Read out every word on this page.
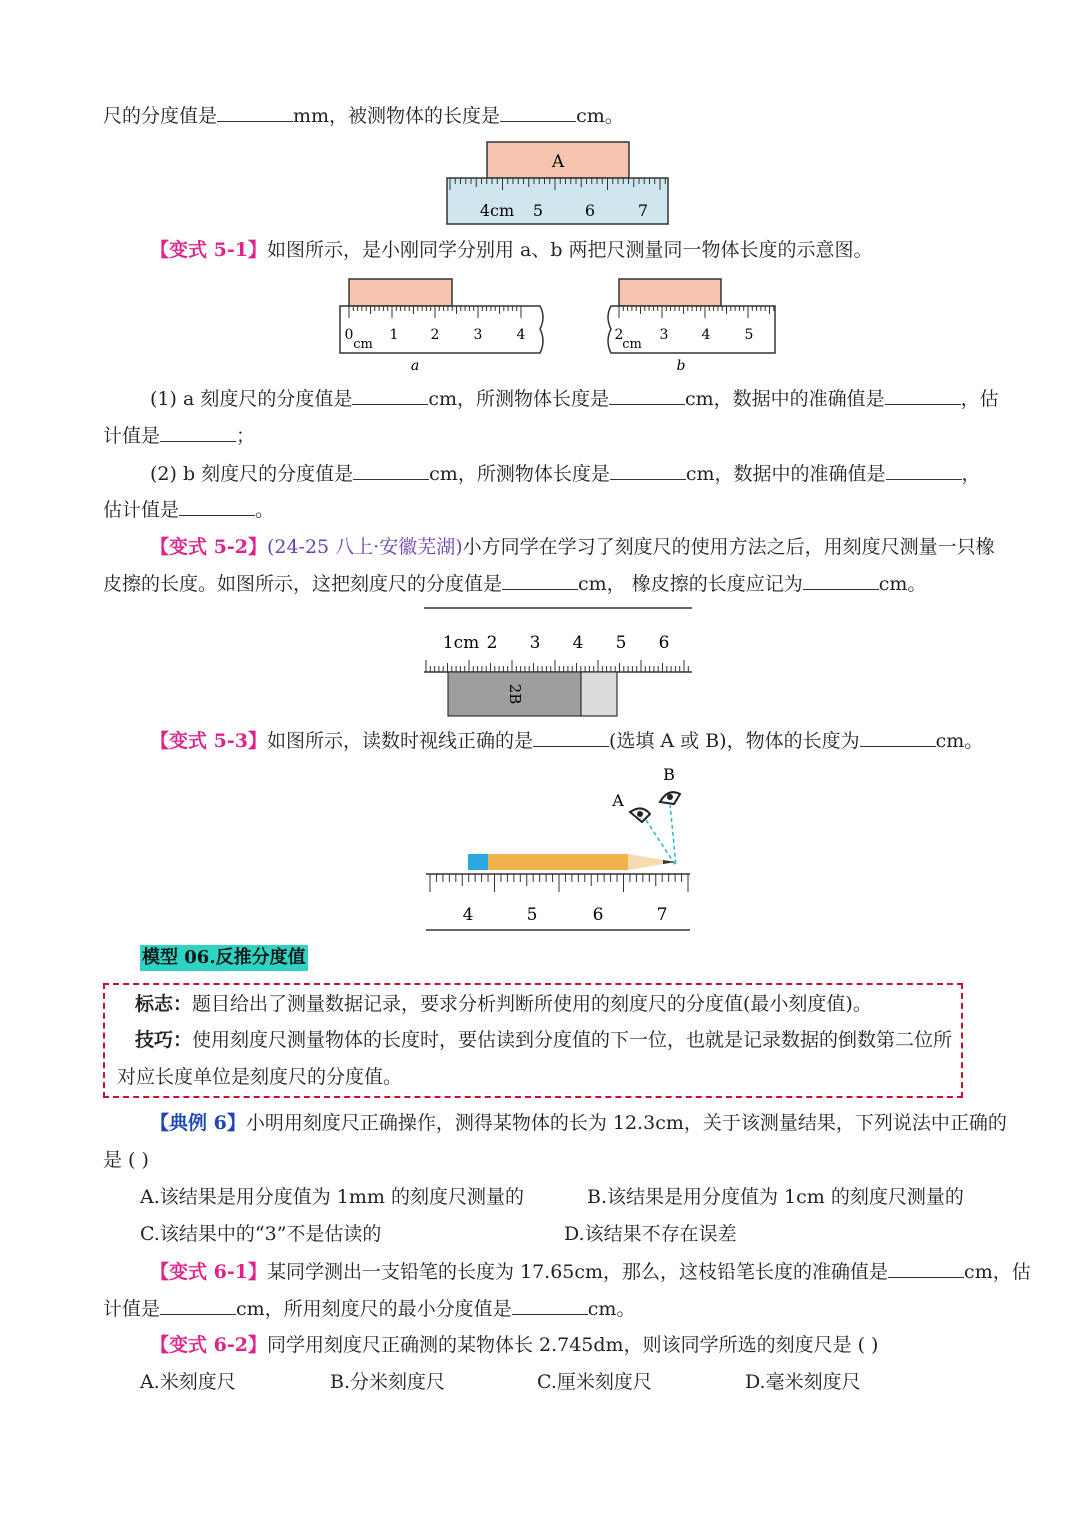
尺的分度值是	mm，被测物体的长度是	cm。
A
4cm 5	6	7
【变式 5-1】如图所示，是小刚同学分别用 a、b 两把尺测量同一物体长度的示意图。
0	1 2 3 4
cm
a
2	3 4 5
cm
b
(1) a 刻度尺的分度值是	cm，所测物体长度是	cm，数据中的准确值是	，估
计值是	；
(2) b 刻度尺的分度值是	cm，所测物体长度是	cm，数据中的准确值是	，
估计值是	。
【变式 5-2】(24-25 八上·安徽芜湖)小方同学在学习了刻度尺的使用方法之后，用刻度尺测量一只橡
皮擦的长度。如图所示，这把刻度尺的分度值是	cm， 橡皮擦的长度应记为	cm。
1cm 2 3 4 5 6
2B
【变式 5-3】如图所示，读数时视线正确的是	(选填 A 或 B)，物体的长度为	cm。
B
A
4	5	6	7
模型 06.反推分度值
标志：题目给出了测量数据记录，要求分析判断所使用的刻度尺的分度值(最小刻度值)。
技巧：使用刻度尺测量物体的长度时，要估读到分度值的下一位，也就是记录数据的倒数第二位所
对应长度单位是刻度尺的分度值。
【典例 6】小明用刻度尺正确操作，测得某物体的长为 12.3cm，关于该测量结果，下列说法中正确的
是 ( )
A.该结果是用分度值为 1mm 的刻度尺测量的	B.该结果是用分度值为 1cm 的刻度尺测量的
C.该结果中的“3”不是估读的	D.该结果不存在误差
【变式 6-1】某同学测出一支铅笔的长度为 17.65cm，那么，这枝铅笔长度的准确值是	cm，估
计值是	cm，所用刻度尺的最小分度值是	cm。
【变式 6-2】同学用刻度尺正确测的某物体长 2.745dm，则该同学所选的刻度尺是 ( )
A.米刻度尺	B.分米刻度尺	C.厘米刻度尺	D.毫米刻度尺
